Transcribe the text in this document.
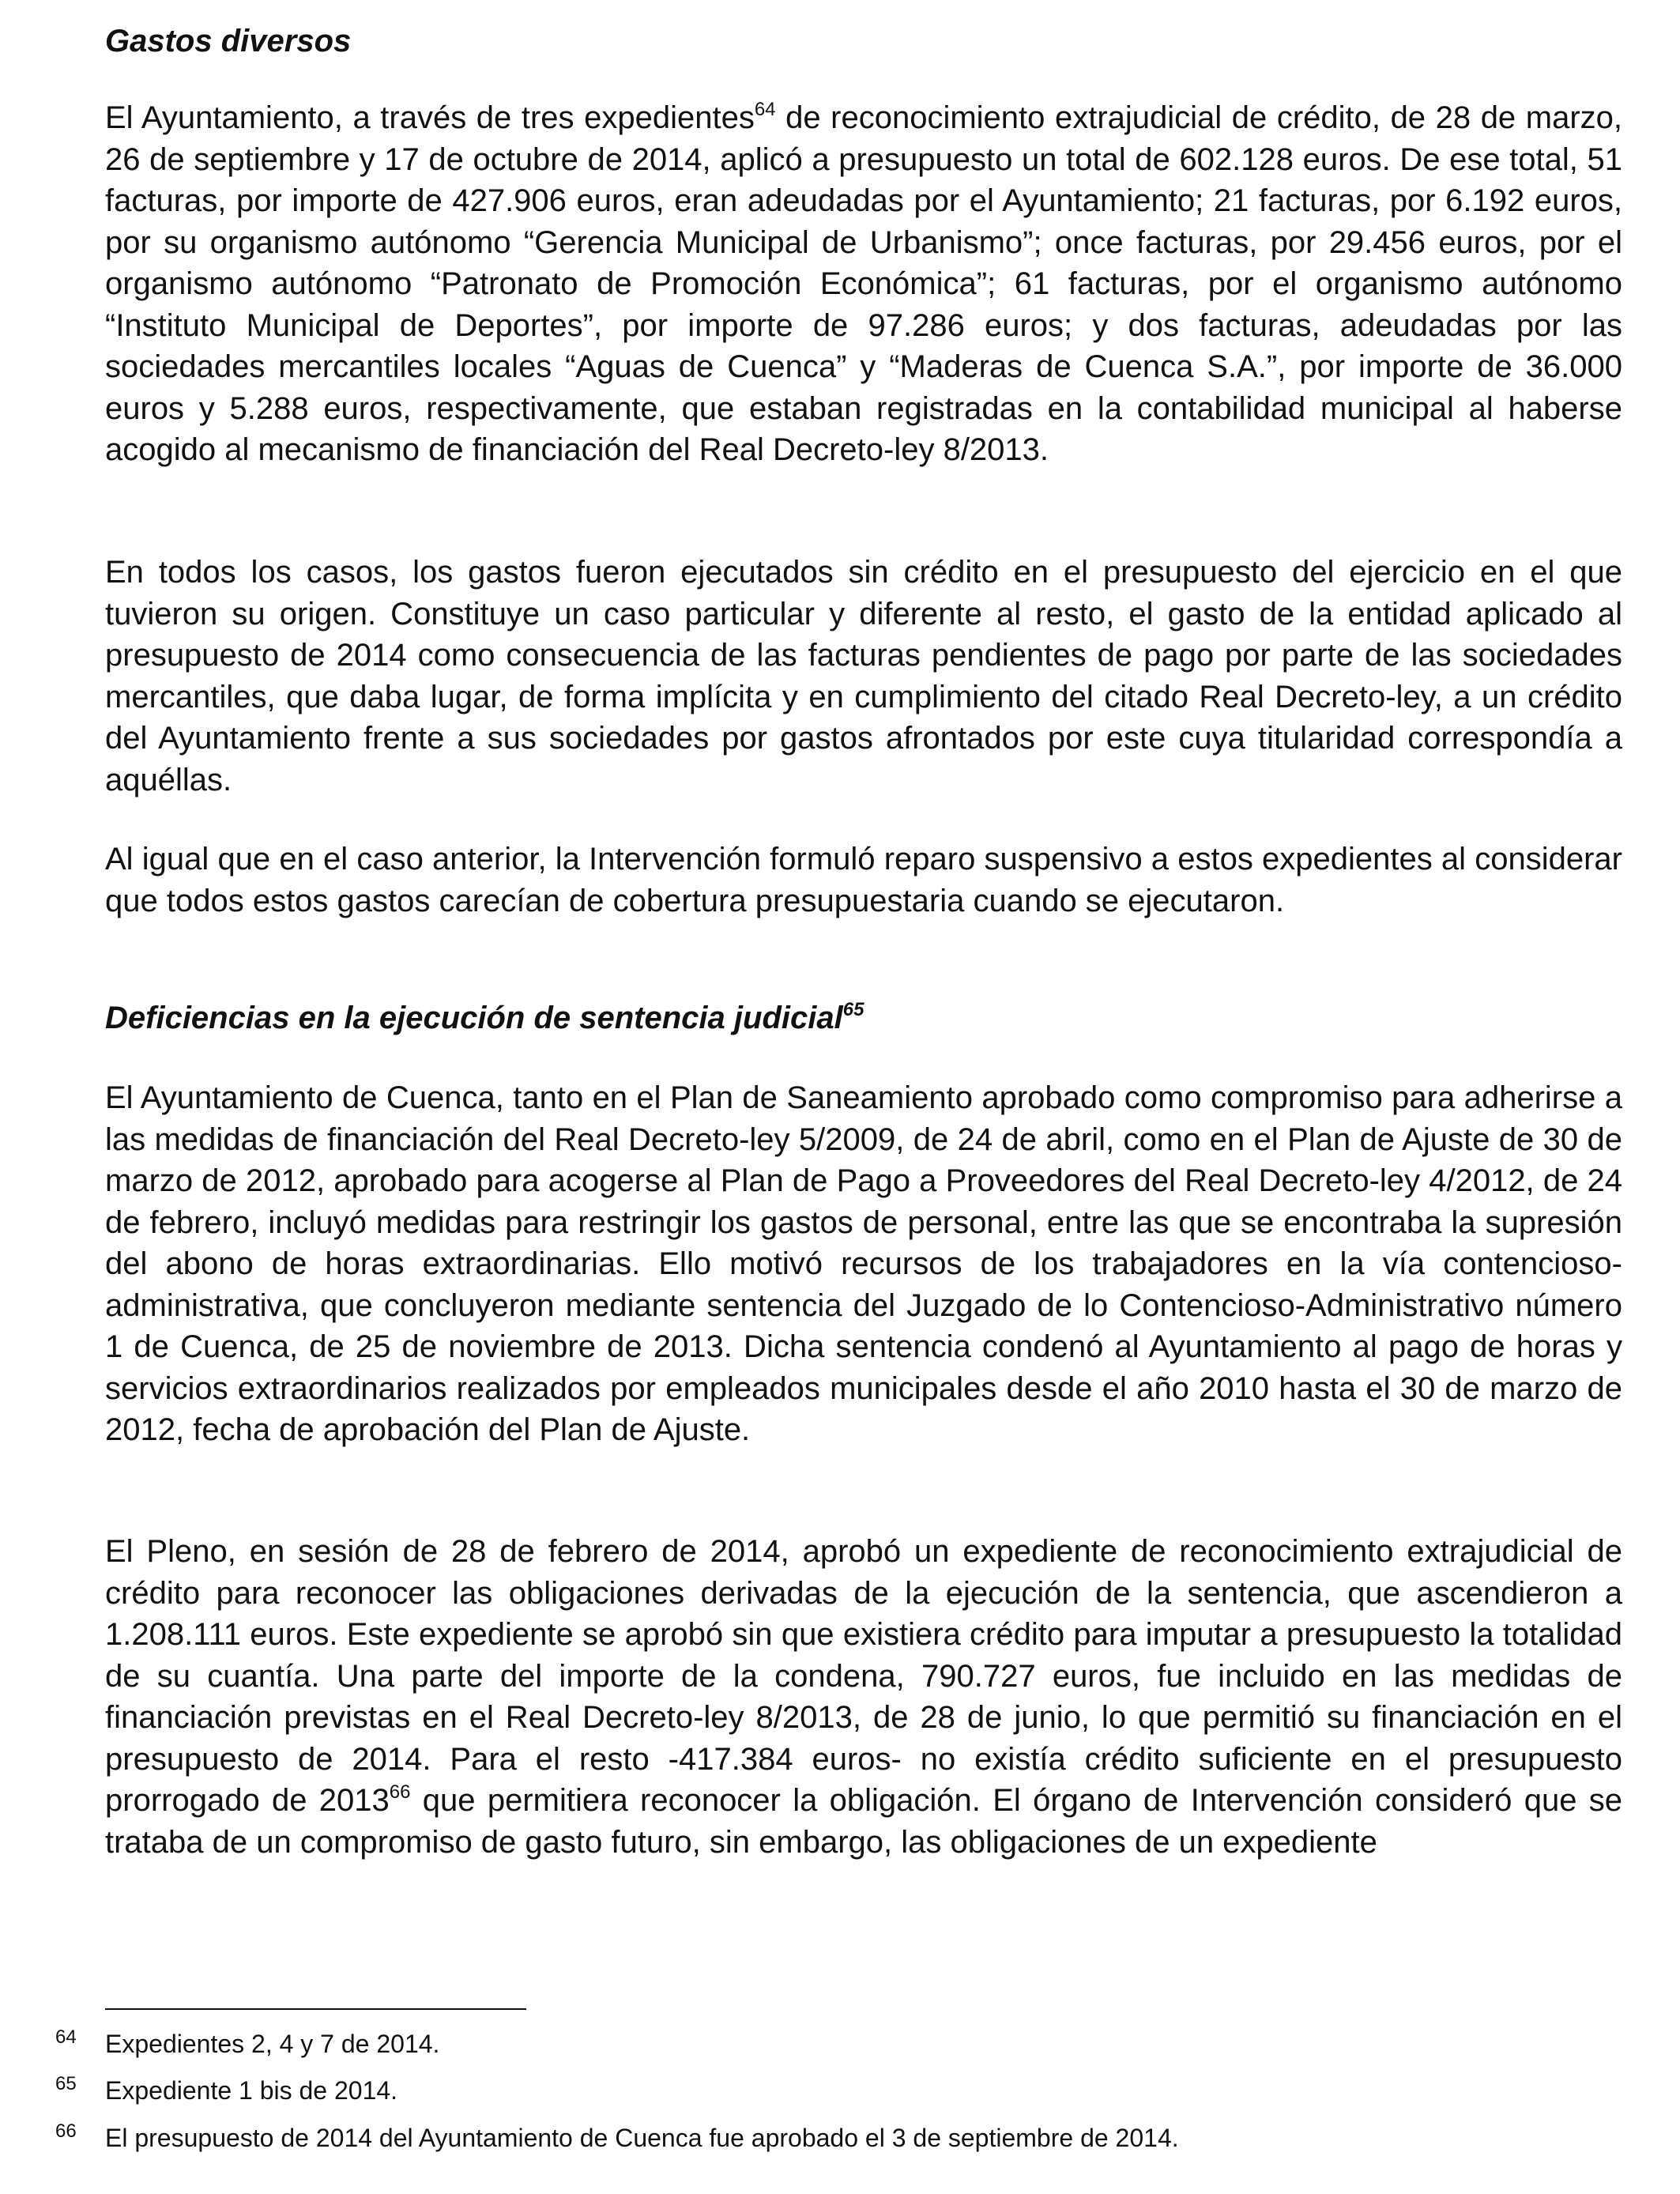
Gastos diversos

El Ayuntamiento, a través de tres expedientes$^{64}$ de reconocimiento extrajudicial de crédito, de 28 de marzo, 26 de septiembre y 17 de octubre de 2014, aplicó a presupuesto un total de 602.128 euros. De ese total, 51 facturas, por importe de 427.906 euros, eran adeudadas por el Ayuntamiento; 21 facturas, por 6.192 euros, por su organismo autónomo “Gerencia Municipal de Urbanismo”; once facturas, por 29.456 euros, por el organismo autónomo “Patronato de Promoción Económica”; 61 facturas, por el organismo autónomo “Instituto Municipal de Deportes”, por importe de 97.286 euros; y dos facturas, adeudadas por las sociedades mercantiles locales “Aguas de Cuenca” y “Maderas de Cuenca S.A.”, por importe de 36.000 euros y 5.288 euros, respectivamente, que estaban registradas en la contabilidad municipal al haberse acogido al mecanismo de financiación del Real Decreto-ley 8/2013.

En todos los casos, los gastos fueron ejecutados sin crédito en el presupuesto del ejercicio en el que tuvieron su origen. Constituye un caso particular y diferente al resto, el gasto de la entidad aplicado al presupuesto de 2014 como consecuencia de las facturas pendientes de pago por parte de las sociedades mercantiles, que daba lugar, de forma implícita y en cumplimiento del citado Real Decreto-ley, a un crédito del Ayuntamiento frente a sus sociedades por gastos afrontados por este cuya titularidad correspondía a aquéllas.

Al igual que en el caso anterior, la Intervención formuló reparo suspensivo a estos expedientes al considerar que todos estos gastos carecían de cobertura presupuestaria cuando se ejecutaron.

Deficiencias en la ejecución de sentencia judicial$^{65}$

El Ayuntamiento de Cuenca, tanto en el Plan de Saneamiento aprobado como compromiso para adherirse a las medidas de financiación del Real Decreto-ley 5/2009, de 24 de abril, como en el Plan de Ajuste de 30 de marzo de 2012, aprobado para acogerse al Plan de Pago a Proveedores del Real Decreto-ley 4/2012, de 24 de febrero, incluyó medidas para restringir los gastos de personal, entre las que se encontraba la supresión del abono de horas extraordinarias. Ello motivó recursos de los trabajadores en la vía contencioso-administrativa, que concluyeron mediante sentencia del Juzgado de lo Contencioso-Administrativo número 1 de Cuenca, de 25 de noviembre de 2013. Dicha sentencia condenó al Ayuntamiento al pago de horas y servicios extraordinarios realizados por empleados municipales desde el año 2010 hasta el 30 de marzo de 2012, fecha de aprobación del Plan de Ajuste.

El Pleno, en sesión de 28 de febrero de 2014, aprobó un expediente de reconocimiento extrajudicial de crédito para reconocer las obligaciones derivadas de la ejecución de la sentencia, que ascendieron a 1.208.111 euros. Este expediente se aprobó sin que existiera crédito para imputar a presupuesto la totalidad de su cuantía. Una parte del importe de la condena, 790.727 euros, fue incluido en las medidas de financiación previstas en el Real Decreto-ley 8/2013, de 28 de junio, lo que permitió su financiación en el presupuesto de 2014. Para el resto -417.384 euros- no existía crédito suficiente en el presupuesto prorrogado de 2013$^{66}$ que permitiera reconocer la obligación. El órgano de Intervención consideró que se trataba de un compromiso de gasto futuro, sin embargo, las obligaciones de un expediente

64 Expedientes 2, 4 y 7 de 2014.
65 Expediente 1 bis de 2014.
66 El presupuesto de 2014 del Ayuntamiento de Cuenca fue aprobado el 3 de septiembre de 2014.
